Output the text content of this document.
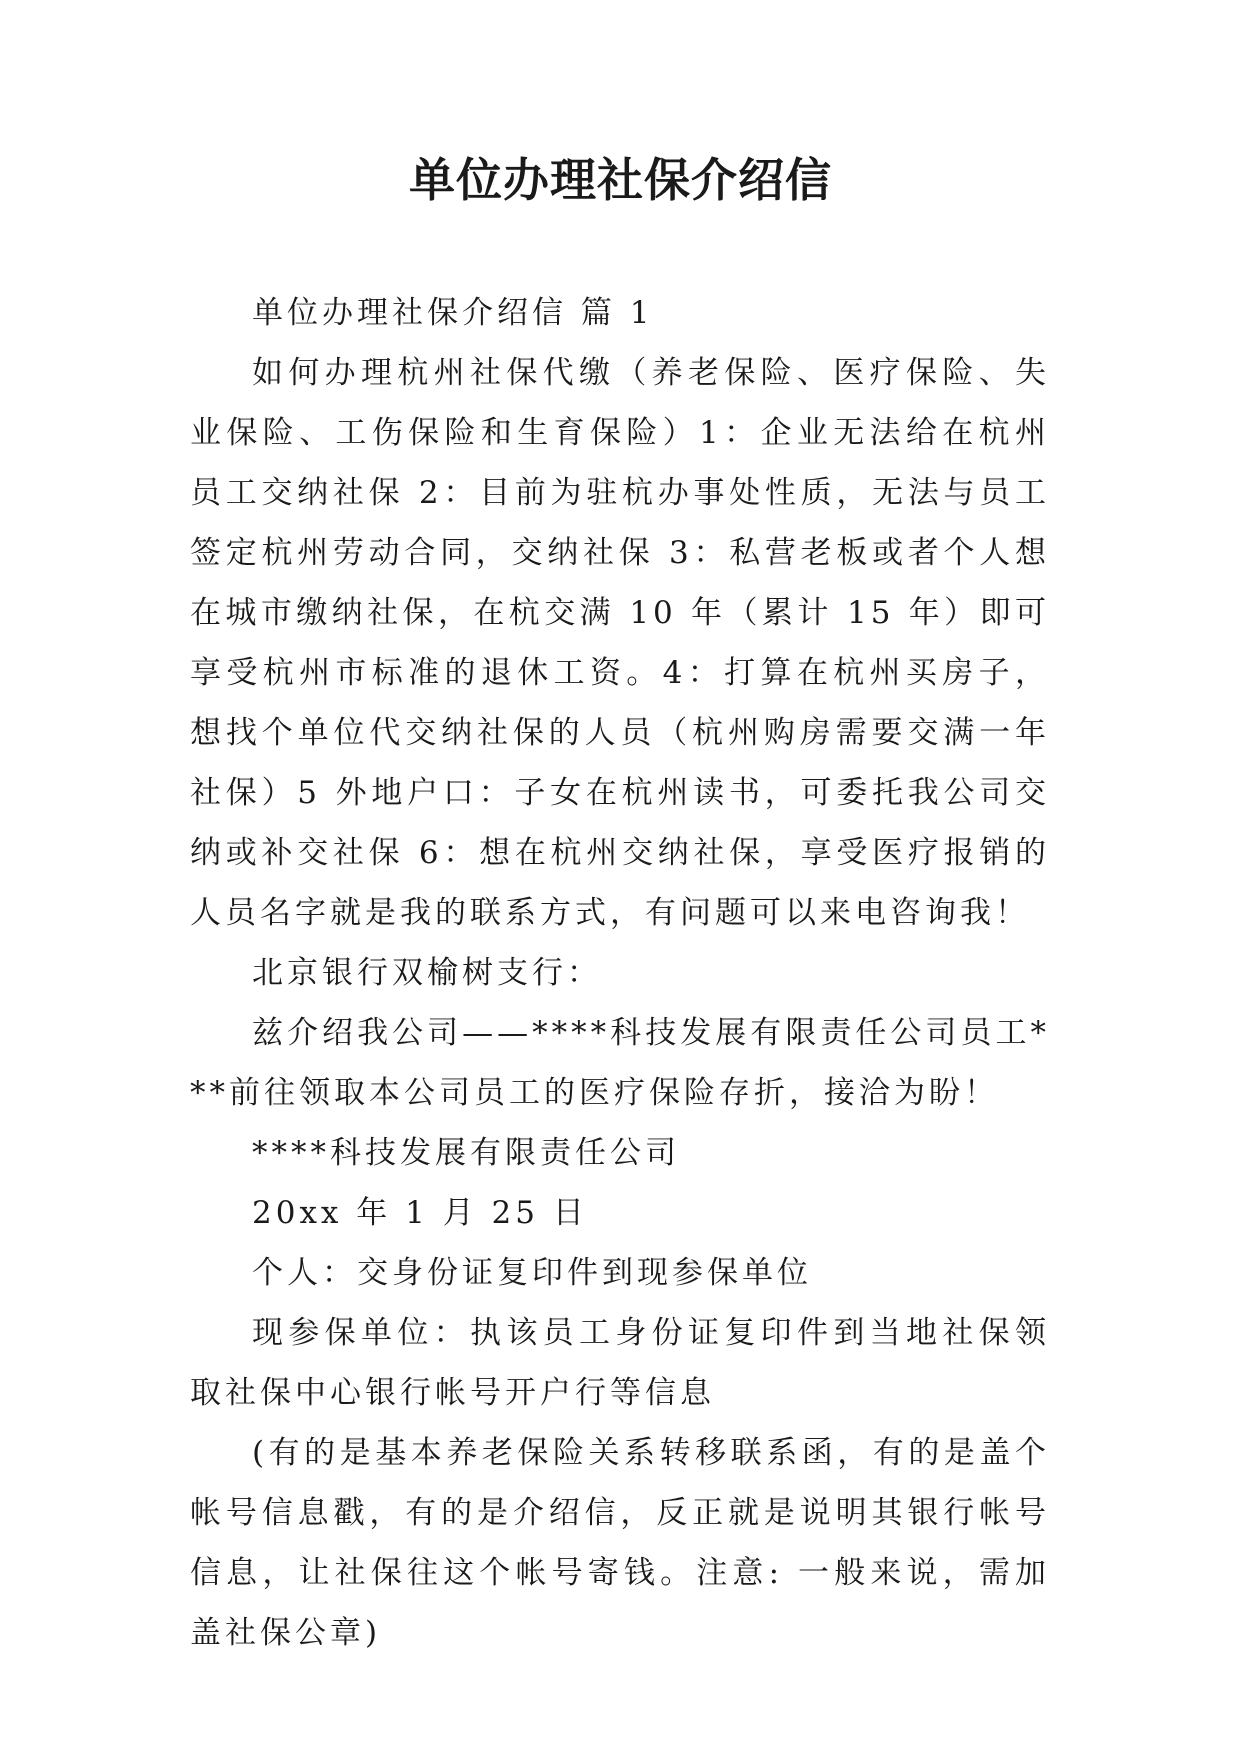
单位办理社保介绍信

单位办理社保介绍信 篇 1

如何办理杭州社保代缴（养老保险、医疗保险、失业保险、工伤保险和生育保险）1：企业无法给在杭州员工交纳社保 2：目前为驻杭办事处性质，无法与员工签定杭州劳动合同，交纳社保 3：私营老板或者个人想在城市缴纳社保，在杭交满 10 年（累计 15 年）即可享受杭州市标准的退休工资。4：打算在杭州买房子，想找个单位代交纳社保的人员（杭州购房需要交满一年社保）5 外地户口：子女在杭州读书，可委托我公司交纳或补交社保 6：想在杭州交纳社保，享受医疗报销的人员名字就是我的联系方式，有问题可以来电咨询我！

北京银行双榆树支行：

兹介绍我公司——****科技发展有限责任公司员工***前往领取本公司员工的医疗保险存折，接洽为盼！

****科技发展有限责任公司

20xx 年 1 月 25 日

个人：交身份证复印件到现参保单位

现参保单位：执该员工身份证复印件到当地社保领取社保中心银行帐号开户行等信息

(有的是基本养老保险关系转移联系函，有的是盖个帐号信息戳，有的是介绍信，反正就是说明其银行帐号信息，让社保往这个帐号寄钱。注意: 一般来说，需加盖社保公章)
